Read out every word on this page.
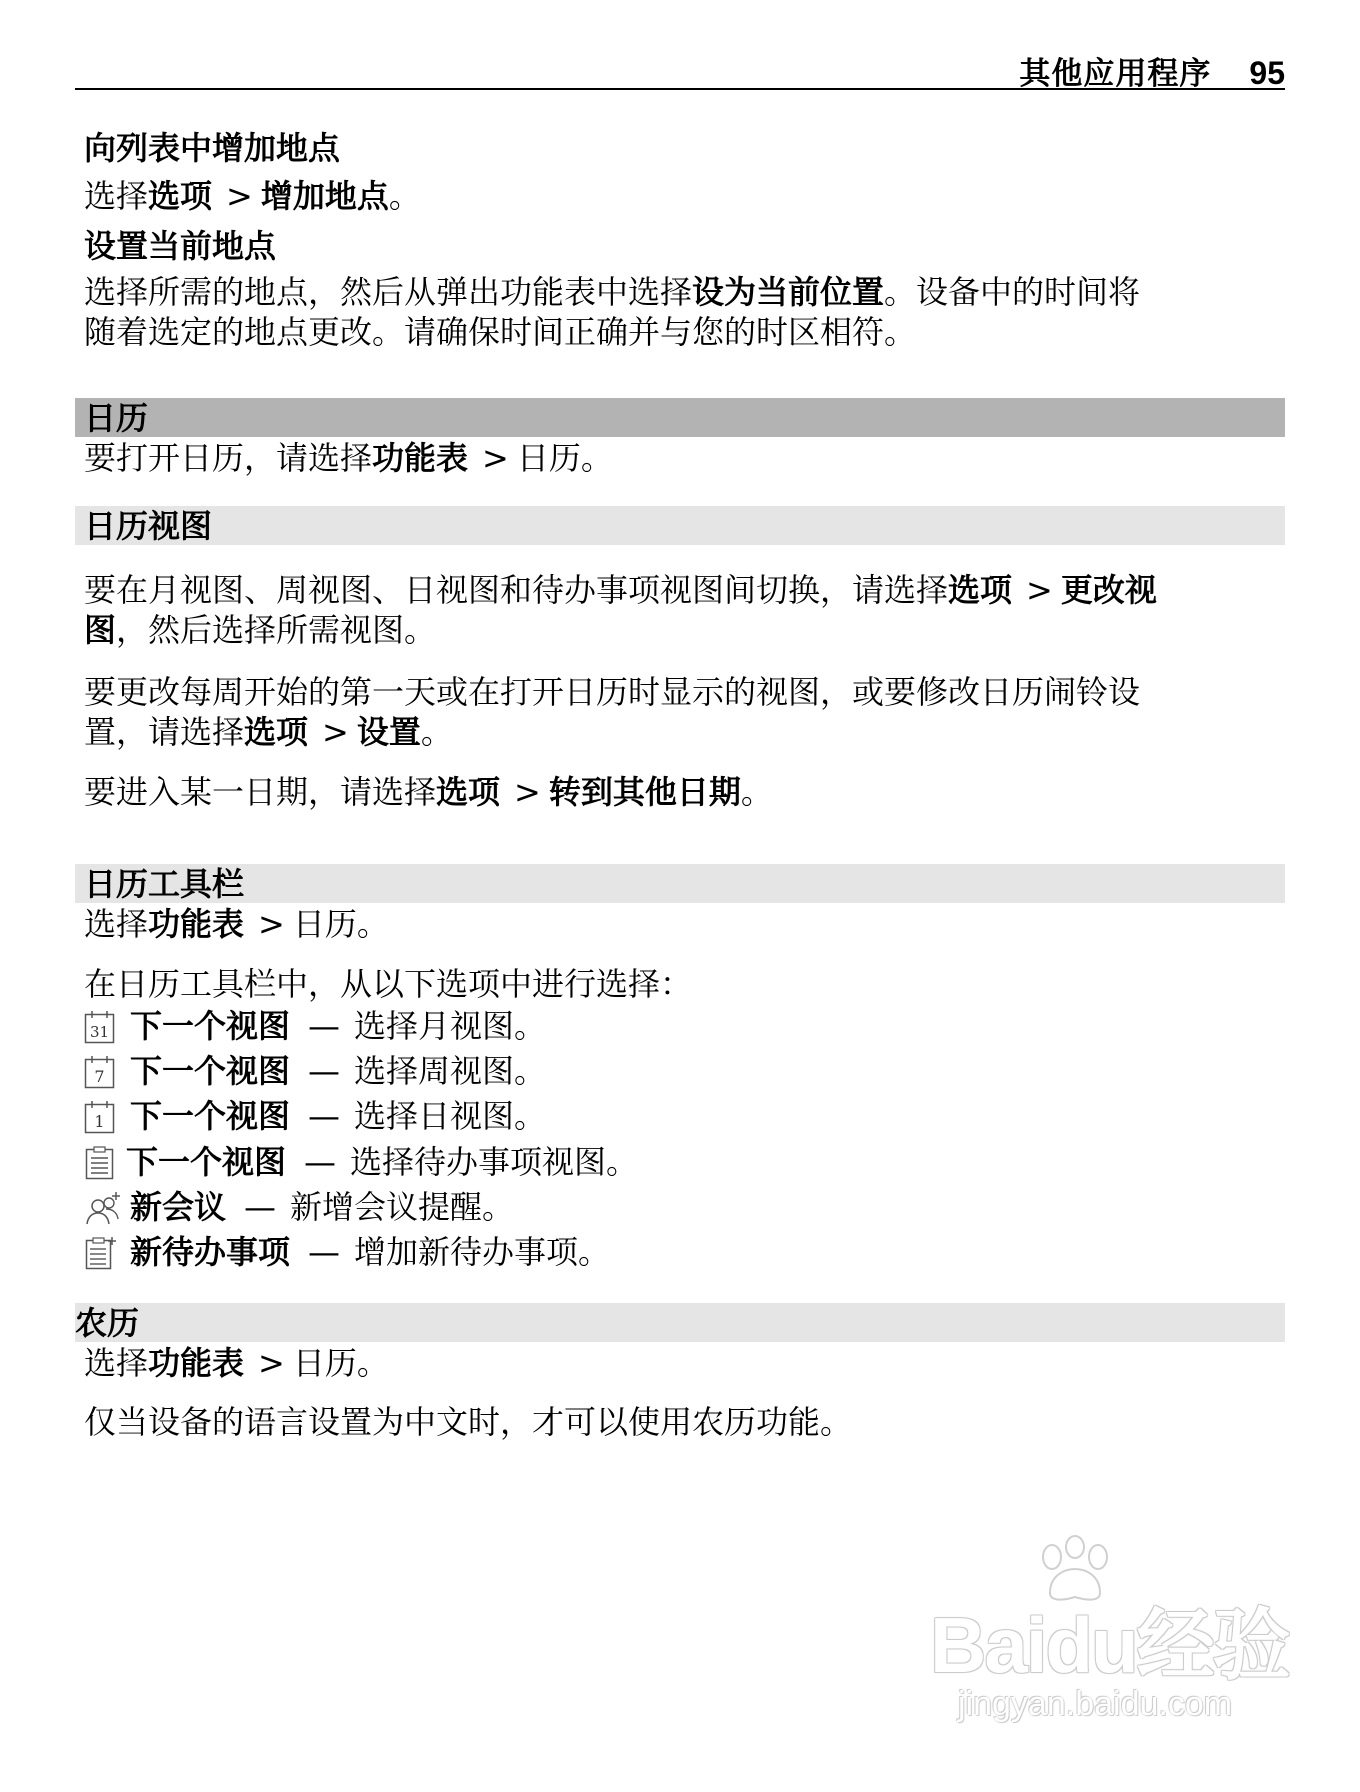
其他应用程序 95

向列表中增加地点

选择选项 > 增加地点。

设置当前地点

选择所需的地点，然后从弹出功能表中选择设为当前位置。设备中的时间将

随着选定的地点更改。请确保时间正确并与您的时区相符。

日历

要打开日历，请选择功能表 > 日历。

日历视图

要在月视图、周视图、日视图和待办事项视图间切换，请选择选项 > 更改视

图，然后选择所需视图。

要更改每周开始的第一天或在打开日历时显示的视图，或要修改日历闹铃设

置，请选择选项 > 设置。

要进入某一日期，请选择选项 > 转到其他日期。

日历工具栏

选择功能表 > 日历。

在日历工具栏中，从以下选项中进行选择：

31 下一个视图 — 选择月视图。
7 下一个视图 — 选择周视图。
1 下一个视图 — 选择日视图。
下一个视图 — 选择待办事项视图。
新会议 — 新增会议提醒。
新待办事项 — 增加新待办事项。
农历

选择功能表 > 日历。

仅当设备的语言设置为中文时，才可以使用农历功能。

Baidu经验
jingyan.baidu.com
